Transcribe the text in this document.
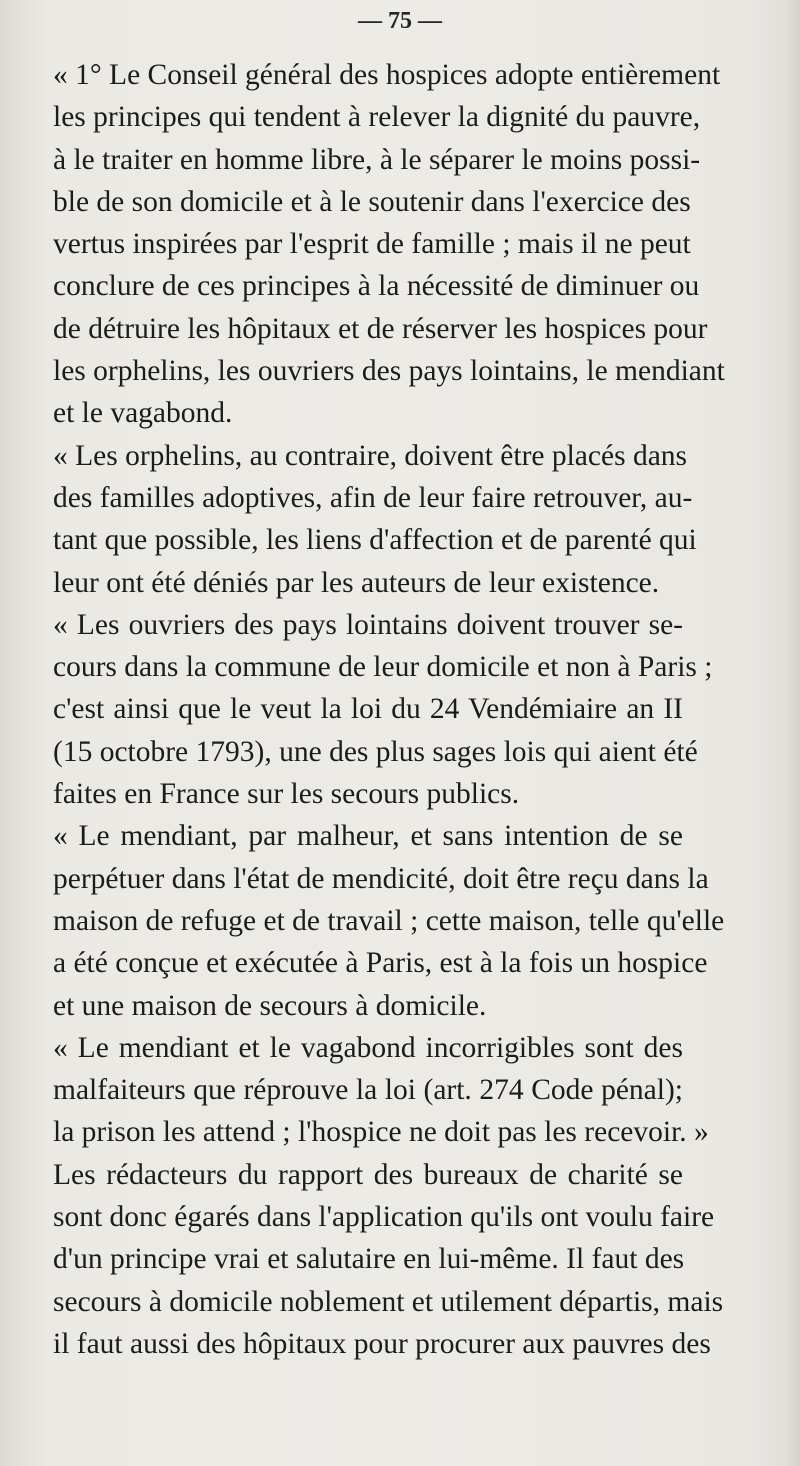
— 75 —
« 1° Le Conseil général des hospices adopte entièrement
les principes qui tendent à relever la dignité du pauvre,
à le traiter en homme libre, à le séparer le moins possi-
ble de son domicile et à le soutenir dans l'exercice des
vertus inspirées par l'esprit de famille ; mais il ne peut
conclure de ces principes à la nécessité de diminuer ou
de détruire les hôpitaux et de réserver les hospices pour
les orphelins, les ouvriers des pays lointains, le mendiant
et le vagabond.
« Les orphelins, au contraire, doivent être placés dans
des familles adoptives, afin de leur faire retrouver, au-
tant que possible, les liens d'affection et de parenté qui
leur ont été déniés par les auteurs de leur existence.
« Les ouvriers des pays lointains doivent trouver se-
cours dans la commune de leur domicile et non à Paris ;
c'est ainsi que le veut la loi du 24 Vendémiaire an II
(15 octobre 1793), une des plus sages lois qui aient été
faites en France sur les secours publics.
« Le mendiant, par malheur, et sans intention de se
perpétuer dans l'état de mendicité, doit être reçu dans la
maison de refuge et de travail ; cette maison, telle qu'elle
a été conçue et exécutée à Paris, est à la fois un hospice
et une maison de secours à domicile.
« Le mendiant et le vagabond incorrigibles sont des
malfaiteurs que réprouve la loi (art. 274 Code pénal);
la prison les attend ; l'hospice ne doit pas les recevoir. »
Les rédacteurs du rapport des bureaux de charité se
sont donc égarés dans l'application qu'ils ont voulu faire
d'un principe vrai et salutaire en lui-même. Il faut des
secours à domicile noblement et utilement départis, mais
il faut aussi des hôpitaux pour procurer aux pauvres des
